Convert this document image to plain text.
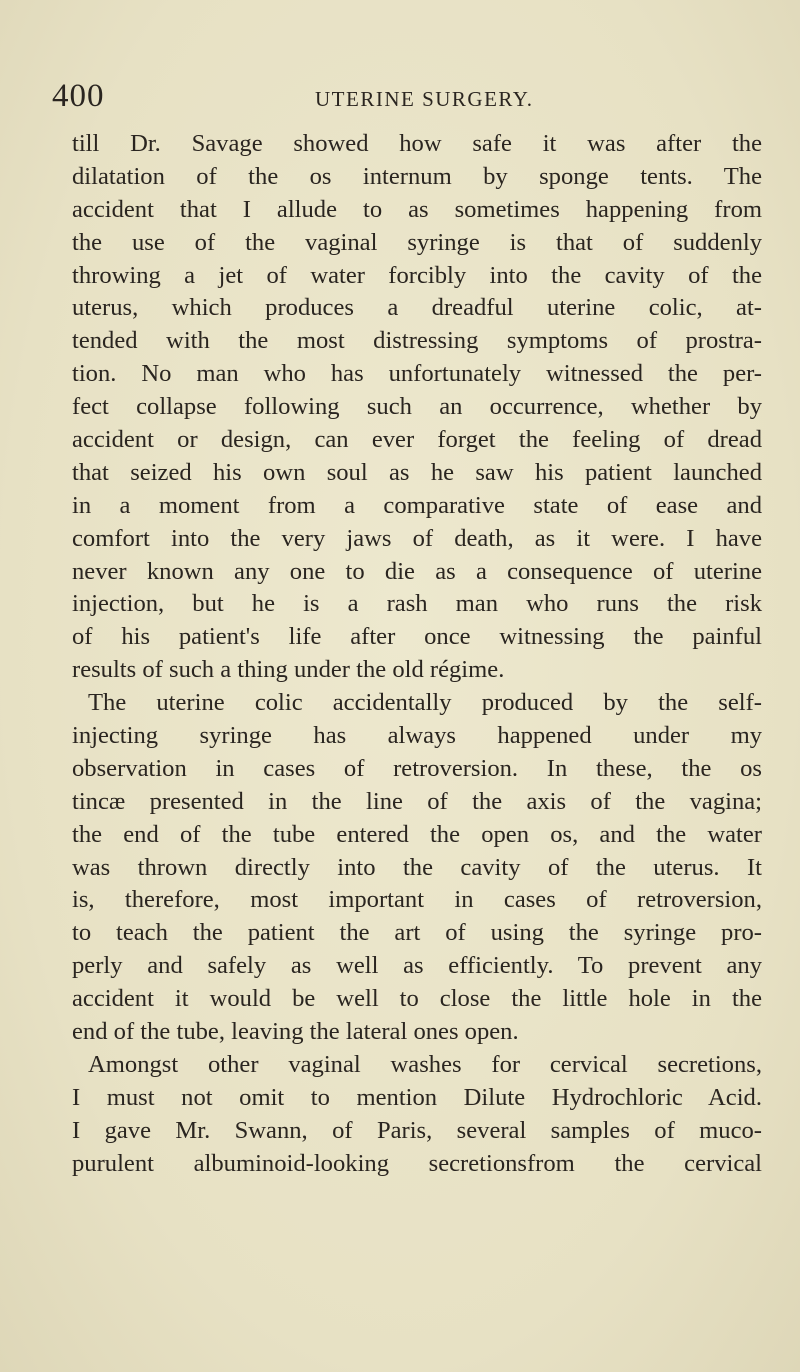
400	UTERINE SURGERY.
till Dr. Savage showed how safe it was after the
dilatation of the os internum by sponge tents. The
accident that I allude to as sometimes happening from
the use of the vaginal syringe is that of suddenly
throwing a jet of water forcibly into the cavity of the
uterus, which produces a dreadful uterine colic, at-
tended with the most distressing symptoms of prostra-
tion. No man who has unfortunately witnessed the per-
fect collapse following such an occurrence, whether by
accident or design, can ever forget the feeling of dread
that seized his own soul as he saw his patient launched
in a moment from a comparative state of ease and
comfort into the very jaws of death, as it were. I have
never known any one to die as a consequence of uterine
injection, but he is a rash man who runs the risk
of his patient's life after once witnessing the painful
results of such a thing under the old régime.
The uterine colic accidentally produced by the self-
injecting syringe has always happened under my
observation in cases of retroversion. In these, the os
tincæ presented in the line of the axis of the vagina;
the end of the tube entered the open os, and the water
was thrown directly into the cavity of the uterus. It
is, therefore, most important in cases of retroversion,
to teach the patient the art of using the syringe pro-
perly and safely as well as efficiently. To prevent any
accident it would be well to close the little hole in the
end of the tube, leaving the lateral ones open.
Amongst other vaginal washes for cervical secretions,
I must not omit to mention Dilute Hydrochloric Acid.
I gave Mr. Swann, of Paris, several samples of muco-
purulent albuminoid-looking secretionsfrom the cervical
